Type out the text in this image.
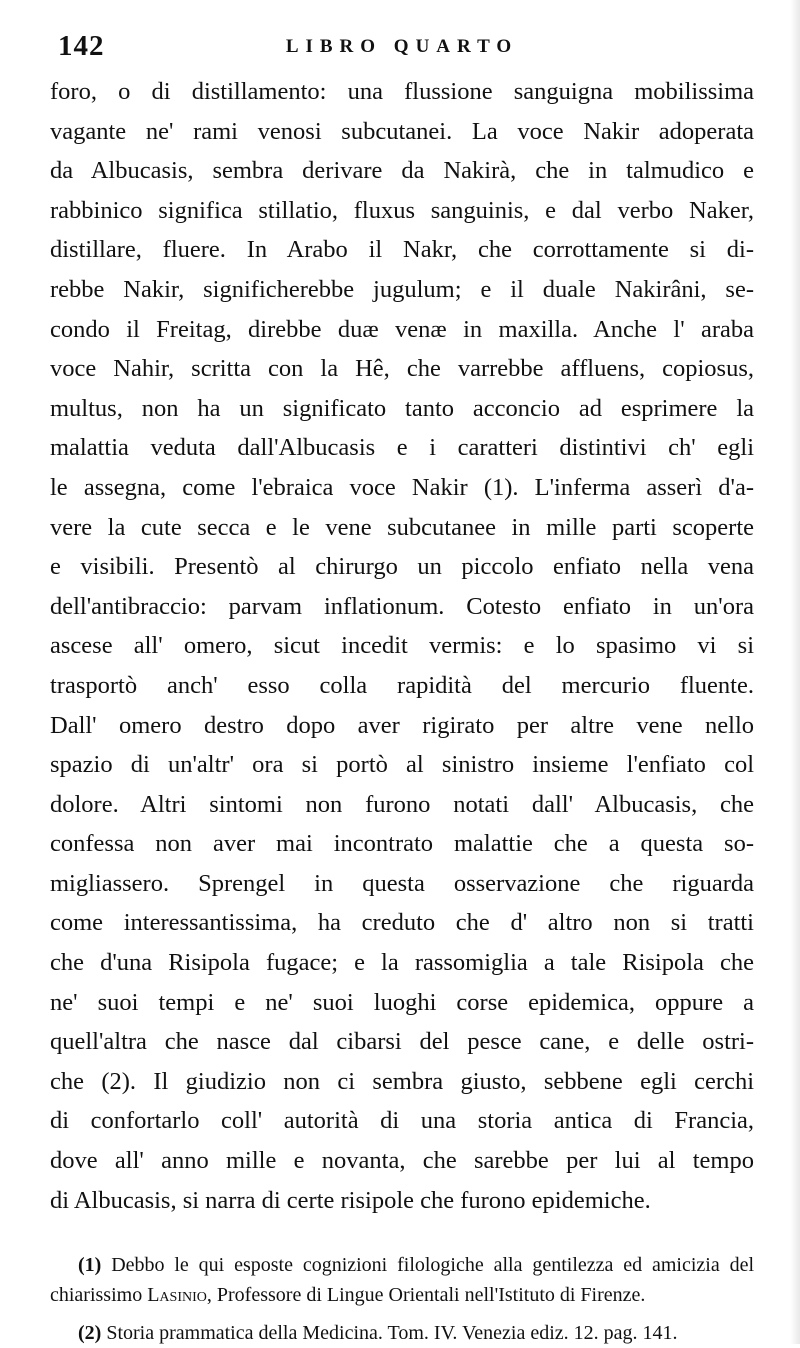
142	LIBRO QUARTO
foro, o di distillamento: una flussione sanguigna mobilissima
vagante ne' rami venosi subcutanei. La voce Nakir adoperata
da Albucasis, sembra derivare da Nakirà, che in talmudico e
rabbinico significa stillatio, fluxus sanguinis, e dal verbo Naker,
distillare, fluere. In Arabo il Nakr, che corrottamente si di-
rebbe Nakir, significherebbe jugulum; e il duale Nakirâni, se-
condo il Freitag, direbbe duæ venæ in maxilla. Anche l' araba
voce Nahir, scritta con la Hê, che varrebbe affluens, copiosus,
multus, non ha un significato tanto acconcio ad esprimere la
malattia veduta dall'Albucasis e i caratteri distintivi ch' egli
le assegna, come l'ebraica voce Nakir (1). L'inferma asserì d'a-
vere la cute secca e le vene subcutanee in mille parti scoperte
e visibili. Presentò al chirurgo un piccolo enfiato nella vena
dell'antibraccio: parvam inflationum. Cotesto enfiato in un'ora
ascese all' omero, sicut incedit vermis: e lo spasimo vi si
trasportò anch' esso colla rapidità del mercurio fluente.
Dall' omero destro dopo aver rigirato per altre vene nello
spazio di un'altr' ora si portò al sinistro insieme l'enfiato col
dolore. Altri sintomi non furono notati dall' Albucasis, che
confessa non aver mai incontrato malattie che a questa so-
migliassero. Sprengel in questa osservazione che riguarda
come interessantissima, ha creduto che d' altro non si tratti
che d'una Risipola fugace; e la rassomiglia a tale Risipola che
ne' suoi tempi e ne' suoi luoghi corse epidemica, oppure a
quell'altra che nasce dal cibarsi del pesce cane, e delle ostri-
che (2). Il giudizio non ci sembra giusto, sebbene egli cerchi
di confortarlo coll' autorità di una storia antica di Francia,
dove all' anno mille e novanta, che sarebbe per lui al tempo
di Albucasis, si narra di certe risipole che furono epidemiche.

(1) Debbo le qui esposte cognizioni filologiche alla gentilezza ed amicizia del chiarissimo Lasinio, Professore di Lingue Orientali nell'Istituto di Firenze.

(2) Storia prammatica della Medicina. Tom. IV. Venezia ediz. 12. pag. 141.
